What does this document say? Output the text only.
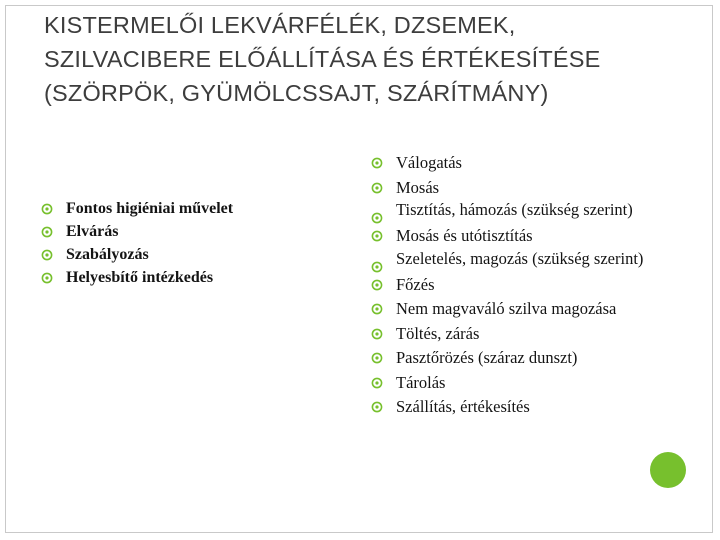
KISTERMELŐI LEKVÁRFÉLÉK, DZSEMEK, SZILVACIBERE ELŐÁLLÍTÁSA ÉS ÉRTÉKESÍTÉSE (SZÖRPÖK, GYÜMÖLCSSAJT, SZÁRÍTMÁNY)
Fontos higiéniai művelet
Elvárás
Szabályozás
Helyesbítő intézkedés
Válogatás
Mosás
Tisztítás, hámozás (szükség szerint)
Mosás és utótisztítás
Szeletelés, magozás (szükség szerint)
Főzés
Nem magvaváló szilva magozása
Töltés, zárás
Pasztőrözés (száraz dunszt)
Tárolás
Szállítás, értékesítés
